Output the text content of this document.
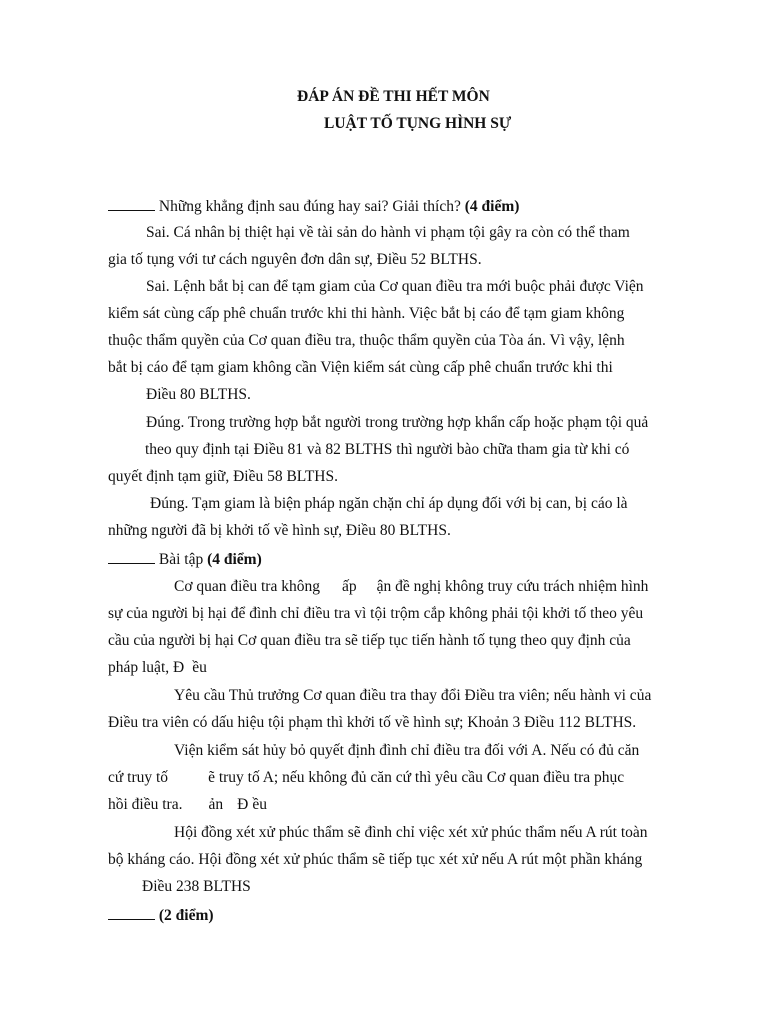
ĐÁP ÁN ĐỀ THI HẾT MÔN
LUẬT TỐ TỤNG HÌNH SỰ
Những khẳng định sau đúng hay sai? Giải thích? (4 điểm)
Sai. Cá nhân bị thiệt hại về tài sản do hành vi phạm tội gây ra còn có thể tham
gia tố tụng với tư cách nguyên đơn dân sự, Điều 52 BLTHS.
Sai. Lệnh bắt bị can để tạm giam của Cơ quan điều tra mới buộc phải được Viện
kiểm sát cùng cấp phê chuẩn trước khi thi hành. Việc bắt bị cáo để tạm giam không
thuộc thẩm quyền của Cơ quan điều tra, thuộc thẩm quyền của Tòa án. Vì vậy, lệnh
bắt bị cáo để tạm giam không cần Viện kiểm sát cùng cấp phê chuẩn trước khi thi
Điều 80 BLTHS.
Đúng. Trong trường hợp bắt người trong trường hợp khẩn cấp hoặc phạm tội quả
theo quy định tại Điều 81 và 82 BLTHS thì người bào chữa tham gia từ khi có
quyết định tạm giữ, Điều 58 BLTHS.
Đúng. Tạm giam là biện pháp ngăn chặn chỉ áp dụng đối với bị can, bị cáo là
những người đã bị khởi tố về hình sự, Điều 80 BLTHS.
Bài tập (4 điểm)
Cơ quan điều tra không ấp ận đề nghị không truy cứu trách nhiệm hình
sự của người bị hại để đình chỉ điều tra vì tội trộm cắp không phải tội khởi tố theo yêu
cầu của người bị hại Cơ quan điều tra sẽ tiếp tục tiến hành tố tụng theo quy định của
pháp luật, Đ ều
Yêu cầu Thủ trưởng Cơ quan điều tra thay đổi Điều tra viên; nếu hành vi của
Điều tra viên có dấu hiệu tội phạm thì khởi tố về hình sự; Khoản 3 Điều 112 BLTHS.
Viện kiểm sát hủy bỏ quyết định đình chỉ điều tra đối với A. Nếu có đủ căn
cứ truy tố	ẽ truy tố A; nếu không đủ căn cứ thì yêu cầu Cơ quan điều tra phục
hồi điều tra. ản Đ ều
Hội đồng xét xử phúc thẩm sẽ đình chỉ việc xét xử phúc thẩm nếu A rút toàn
bộ kháng cáo. Hội đồng xét xử phúc thẩm sẽ tiếp tục xét xử nếu A rút một phần kháng
Điều 238 BLTHS
(2 điểm)
